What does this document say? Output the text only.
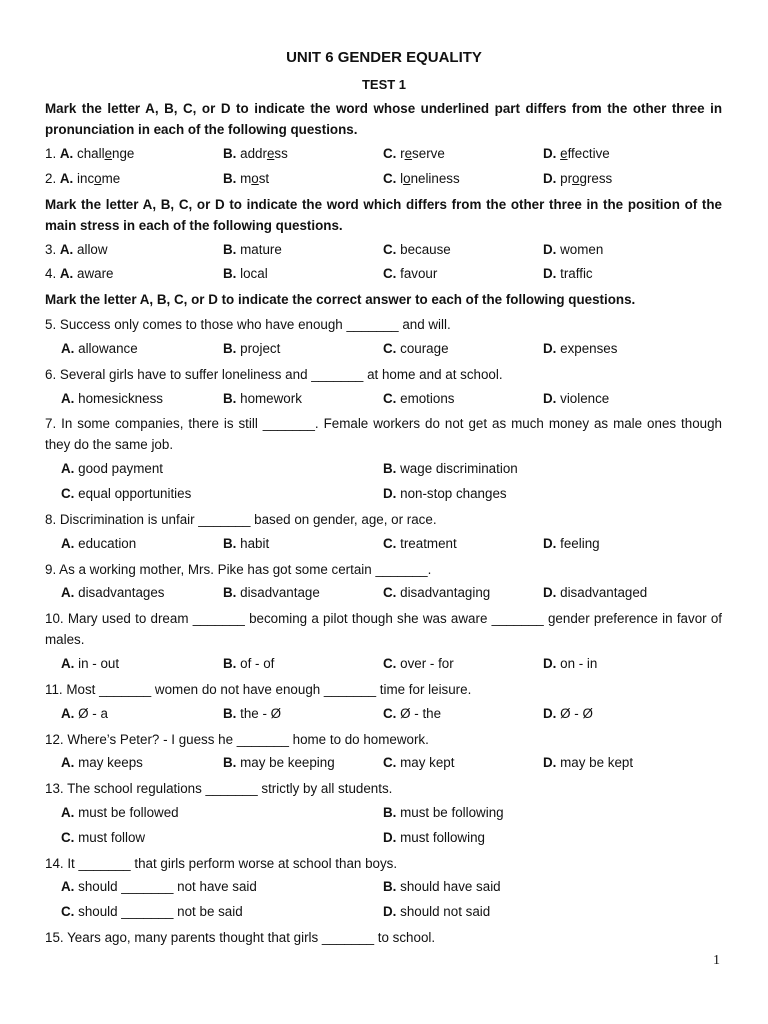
UNIT 6 GENDER EQUALITY
TEST 1
Mark the letter A, B, C, or D to indicate the word whose underlined part differs from the other three in pronunciation in each of the following questions.
1. A. challenge	B. address	C. reserve	D. effective
2. A. income	B. most	C. loneliness	D. progress
Mark the letter A, B, C, or D to indicate the word which differs from the other three in the position of the main stress in each of the following questions.
3. A. allow	B. mature	C. because	D. women
4. A. aware	B. local	C. favour	D. traffic
Mark the letter A, B, C, or D to indicate the correct answer to each of the following questions.
5. Success only comes to those who have enough _______ and will.
A. allowance	B. project	C. courage	D. expenses
6. Several girls have to suffer loneliness and _______ at home and at school.
A. homesickness	B. homework	C. emotions	D. violence
7. In some companies, there is still _______. Female workers do not get as much money as male ones though they do the same job.
A. good payment	B. wage discrimination
C. equal opportunities	D. non-stop changes
8. Discrimination is unfair _______ based on gender, age, or race.
A. education	B. habit	C. treatment	D. feeling
9. As a working mother, Mrs. Pike has got some certain _______.
A. disadvantages	B. disadvantage	C. disadvantaging	D. disadvantaged
10. Mary used to dream _______ becoming a pilot though she was aware _______ gender preference in favor of males.
A. in - out	B. of - of	C. over - for	D. on - in
11. Most _______ women do not have enough _______ time for leisure.
A. Ø - a	B. the - Ø	C. Ø - the	D. Ø - Ø
12. Where’s Peter? - I guess he _______ home to do homework.
A. may keeps	B. may be keeping	C. may kept	D. may be kept
13. The school regulations _______ strictly by all students.
A. must be followed	B. must be following
C. must follow	D. must following
14. It _______ that girls perform worse at school than boys.
A. should _______ not have said	B. should have said
C. should _______ not be said	D. should not said
15. Years ago, many parents thought that girls _______ to school.
1
